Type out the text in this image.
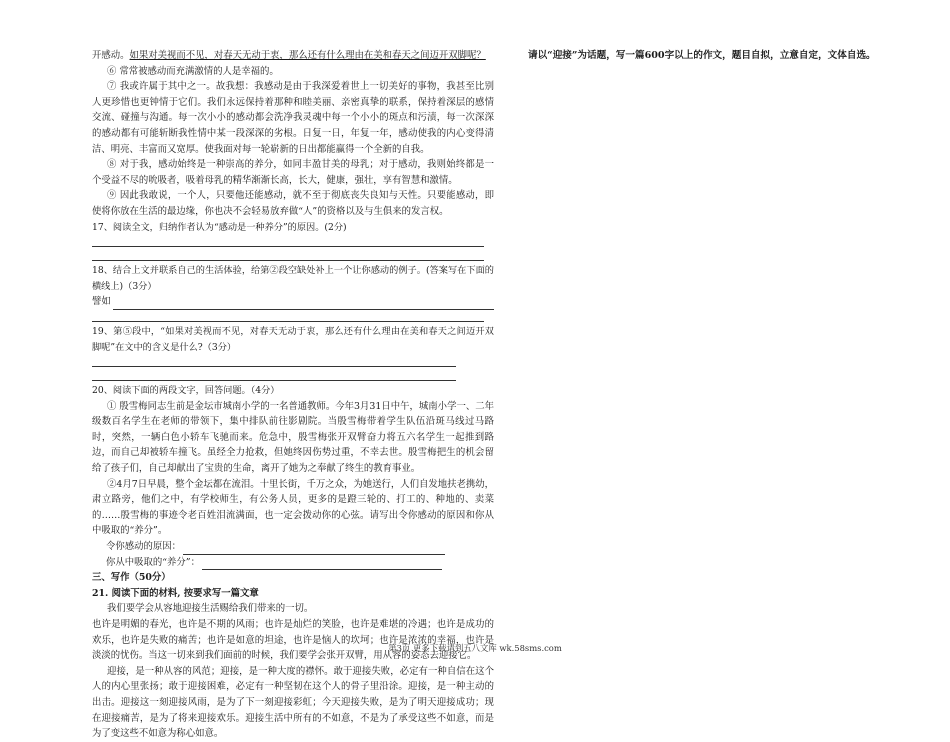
开感动。如果对美视而不见，对春天无动于衷，那么还有什么理由在美和春天之间迈开双脚呢？

⑥ 常常被感动而充满激情的人是幸福的。

⑦ 我或许属于其中之一。故我想：我感动是由于我深爱着世上一切美好的事物，我甚至比别人更珍惜也更钟情于它们。我们永远保持着那种和睦美丽、亲密真挚的联系，保持着深层的感情交流、碰撞与沟通。每一次小小的感动都会洗净我灵魂中每一个小小的斑点和污渍，每一次深深的感动都有可能斩断我性情中某一段深深的劣根。日复一日，年复一年，感动使我的内心变得清洁、明亮、丰富而又宽厚。使我面对每一轮崭新的日出都能赢得一个全新的自我。

⑧ 对于我，感动始终是一种崇高的养分，如同丰盈甘美的母乳；对于感动，我则始终都是一个受益不尽的吮吸者，吸着母乳的精华渐渐长高，长大，健康，强壮，享有智慧和激情。

⑨ 因此我敢说，一个人，只要他还能感动，就不至于彻底丧失良知与天性。只要能感动，即使将你放在生活的最边缘，你也决不会轻易放弃做“人”的资格以及与生俱来的发言权。

17、阅读全文，归纳作者认为“感动是一种养分”的原因。(2分)

18、结合上文并联系自己的生活体验，给第②段空缺处补上一个让你感动的例子。(答案写在下面的横线上)（3分）

譬如

19、第⑤段中，“如果对美视而不见，对春天无动于衷，那么还有什么理由在美和春天之间迈开双脚呢”在文中的含义是什么?（3分）

20、阅读下面的两段文字，回答问题。（4分）

① 殷雪梅同志生前是金坛市城南小学的一名普通教师。今年3月31日中午，城南小学一、二年级数百名学生在老师的带领下，集中排队前往影剧院。当殷雪梅带着学生队伍沿斑马线过马路时，突然，一辆白色小轿车飞驰而来。危急中，殷雪梅张开双臂奋力将五六名学生一起推到路边，而自己却被轿车撞飞。虽经全力抢救，但她终因伤势过重，不幸去世。殷雪梅把生的机会留给了孩子们，自己却献出了宝贵的生命，离开了她为之奉献了终生的教育事业。

②4月7日早晨，整个金坛都在流泪。十里长街，千万之众，为她送行，人们自发地扶老携幼，肃立路旁，他们之中，有学校师生，有公务人员，更多的是蹬三轮的、打工的、种地的、卖菜的……殷雪梅的事迹令老百姓泪流满面，也一定会拨动你的心弦。请写出令你感动的原因和你从中吸取的“养分”。

令你感动的原因：
你从中吸取的“养分”：

三、写作（50分）

21. 阅读下面的材料, 按要求写一篇文章

我们要学会从容地迎接生活赐给我们带来的一切。

也许是明媚的春光，也许是不期的风雨；也许是灿烂的笑脸，也许是难堪的冷遇；也许是成功的欢乐，也许是失败的痛苦；也许是如意的坦途，也许是恼人的坎坷；也许是浓浓的幸福，也许是淡淡的忧伤。当这一切来到我们面前的时候，我们要学会张开双臂，用从容的姿态去迎接它。

迎接，是一种从容的风范；迎接，是一种大度的襟怀。敢于迎接失败，必定有一种自信在这个人的内心里张扬；敢于迎接困难，必定有一种坚韧在这个人的骨子里沿涂。迎接，是一种主动的出击。迎接这一刻迎接风雨，是为了下一刻迎接彩虹；今天迎接失败，是为了明天迎接成功；现在迎接痛苦，是为了将来迎接欢乐。迎接生活中所有的不如意，不是为了承受这些不如意，而是为了变这些不如意为称心如意。

请以“迎接”为话题，写一篇600字以上的作文，题目自拟，立意自定，文体自选。

第3页 更多下载请到五八文库 wk.58sms.com
